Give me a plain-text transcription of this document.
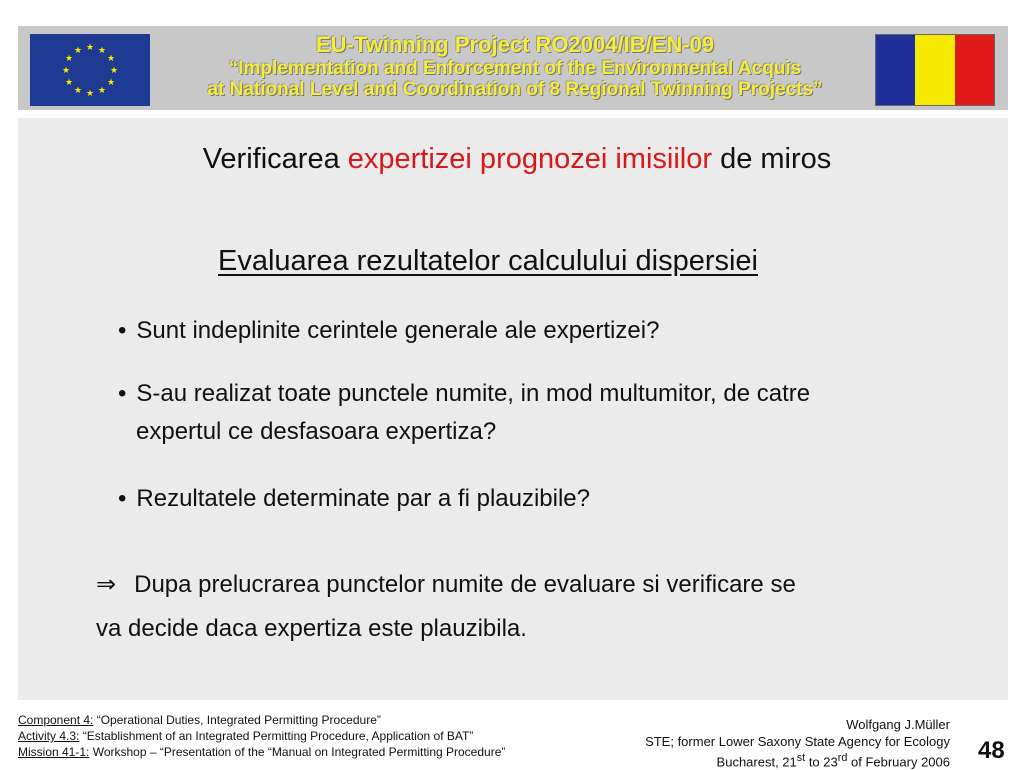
★ ★
★
★
★
★
★
★
★
★
★
★	EU-Twinning Project RO2004/IB/EN-09
“Implementation and Enforcement of the Environmental Acquis
at National Level and Coordination of 8 Regional Twinning Projects”
Verificarea expertizei prognozei imisiilor de miros
Evaluarea rezultatelor calculului dispersiei
• Sunt indeplinite cerintele generale ale expertizei?
• S-au realizat toate punctele numite, in mod multumitor, de catre
expertul ce desfasoara expertiza?
• Rezultatele determinate par a fi plauzibile?
⇒ Dupa prelucrarea punctelor numite de evaluare si verificare se
va decide daca expertiza este plauzibila.
Component 4: “Operational Duties, Integrated Permitting Procedure”
Activity 4.3: “Establishment of an Integrated Permitting Procedure, Application of BAT”
Mission 41-1: Workshop – “Presentation of the “Manual on Integrated Permitting Procedure”
Wolfgang J.Müller
STE; former Lower Saxony State Agency for Ecology
Bucharest, 21st to 23rd of February 2006 48
